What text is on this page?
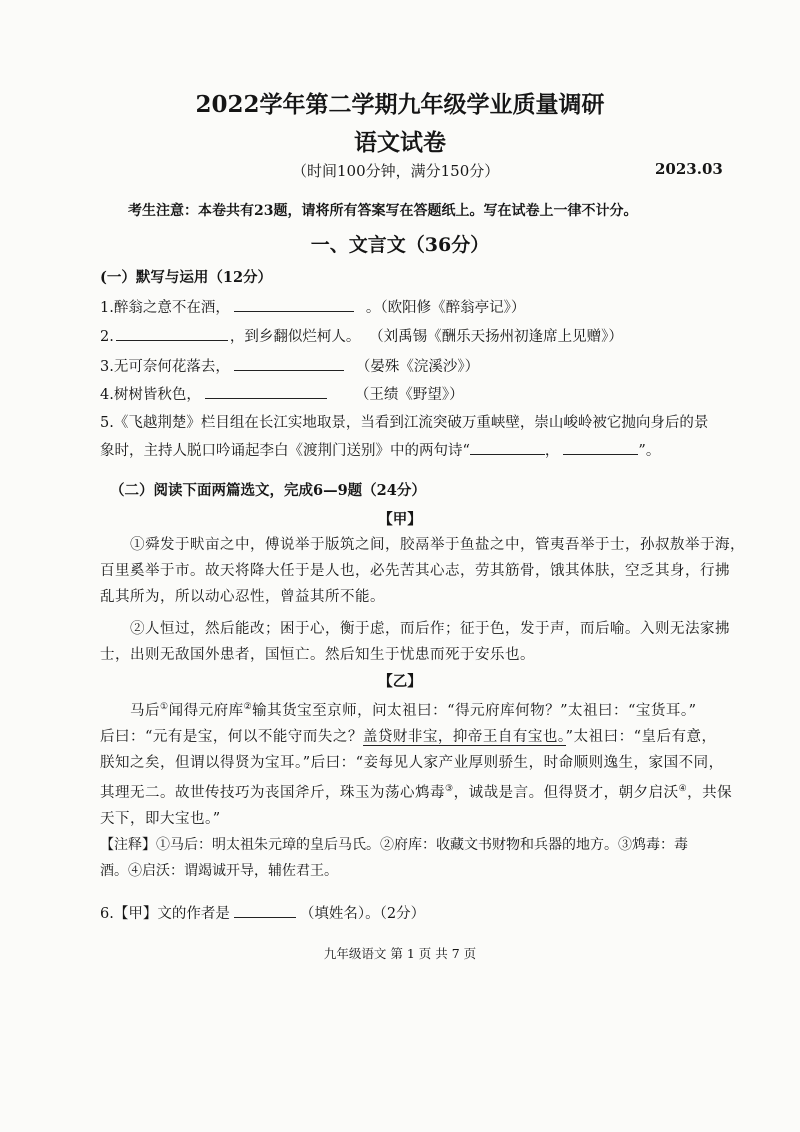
2022学年第二学期九年级学业质量调研
语文试卷
（时间100分钟，满分150分）	2023.03
考生注意：本卷共有23题，请将所有答案写在答题纸上。写在试卷上一律不计分。
一、文言文（36分）
(一）默写与运用（12分）
1.醉翁之意不在酒，	。（欧阳修《醉翁亭记》）
2.	，到乡翻似烂柯人。 （刘禹锡《酬乐天扬州初逢席上见赠》）
3.无可奈何花落去，	（晏殊《浣溪沙》）
4.树树皆秋色，	（王绩《野望》）
5.《飞越荆楚》栏目组在长江实地取景，当看到江流突破万重峡壁，崇山峻岭被它抛向身后的景
象时，主持人脱口吟诵起李白《渡荆门送别》中的两句诗“	，	”。
（二）阅读下面两篇选文，完成6—9题（24分）
【甲】
①舜发于畎亩之中，傅说举于版筑之间，胶鬲举于鱼盐之中，管夷吾举于士，孙叔敖举于海，
百里奚举于市。故天将降大任于是人也，必先苦其心志，劳其筋骨，饿其体肤，空乏其身，行拂
乱其所为，所以动心忍性，曾益其所不能。
②人恒过，然后能改；困于心，衡于虑，而后作；征于色，发于声，而后喻。入则无法家拂
士，出则无敌国外患者，国恒亡。然后知生于忧患而死于安乐也。
【乙】
马后①闻得元府库②输其货宝至京师，问太祖曰：“得元府库何物？”太祖曰：“宝货耳。”
后曰：“元有是宝，何以不能守而失之？盖贷财非宝，抑帝王自有宝也。”太祖曰：“皇后有意，
朕知之矣，但谓以得贤为宝耳。”后曰：“妾每见人家产业厚则骄生，时命顺则逸生，家国不同，
其理无二。故世传技巧为丧国斧斤，珠玉为荡心鸩毒③，诚哉是言。但得贤才，朝夕启沃④，共保
天下，即大宝也。”
【注释】①马后：明太祖朱元璋的皇后马氏。②府库：收藏文书财物和兵器的地方。③鸩毒：毒
酒。④启沃：谓竭诚开导，辅佐君王。
6.【甲】文的作者是	（填姓名）。（2分）
九年级语文 第 1 页 共 7 页
